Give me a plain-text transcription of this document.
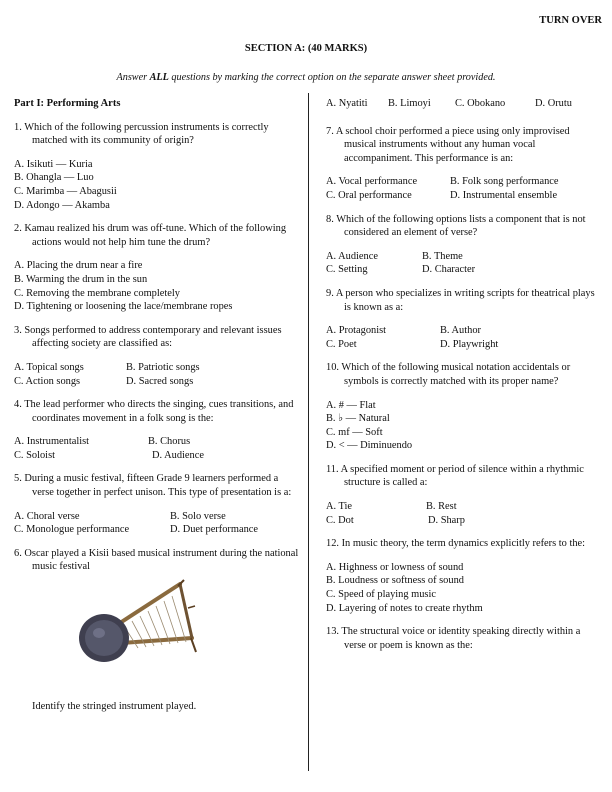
TURN OVER
SECTION A: (40 MARKS)
Answer ALL questions by marking the correct option on the separate answer sheet provided.
Part I: Performing Arts
1. Which of the following percussion instruments is correctly matched with its community of origin?
A. Isikuti — Kuria
B. Ohangla — Luo
C. Marimba — Abagusii
D. Adongo — Akamba
2. Kamau realized his drum was off-tune. Which of the following actions would not help him tune the drum?
A. Placing the drum near a fire
B. Warming the drum in the sun
C. Removing the membrane completely
D. Tightening or loosening the lace/membrane ropes
3. Songs performed to address contemporary and relevant issues affecting society are classified as:
A. Topical songs	B. Patriotic songs
C. Action songs	D. Sacred songs
4. The lead performer who directs the singing, cues transitions, and coordinates movement in a folk song is the:
A. Instrumentalist	B. Chorus
C. Soloist	D. Audience
5. During a music festival, fifteen Grade 9 learners performed a verse together in perfect unison. This type of presentation is a:
A. Choral verse	B. Solo verse
C. Monologue performance	D. Duet performance
6. Oscar played a Kisii based musical instrument during the national music festival
Identify the stringed instrument played.
A. Nyatiti	B. Limoyi	C. Obokano	D. Orutu
7. A school choir performed a piece using only improvised musical instruments without any human vocal accompaniment. This performance is an:
A. Vocal performance	B. Folk song performance
C. Oral performance	D. Instrumental ensemble
8. Which of the following options lists a component that is not considered an element of verse?
A. Audience	B. Theme
C. Setting	D. Character
9. A person who specializes in writing scripts for theatrical plays is known as a:
A. Protagonist	B. Author
C. Poet	D. Playwright
10. Which of the following musical notation accidentals or symbols is correctly matched with its proper name?
A. # — Flat
B. ♭ — Natural
C. mf — Soft
D. < — Diminuendo
11. A specified moment or period of silence within a rhythmic structure is called a:
A. Tie	B. Rest
C. Dot	D. Sharp
12. In music theory, the term dynamics explicitly refers to the:
A. Highness or lowness of sound
B. Loudness or softness of sound
C. Speed of playing music
D. Layering of notes to create rhythm
13. The structural voice or identity speaking directly within a verse or poem is known as the:
